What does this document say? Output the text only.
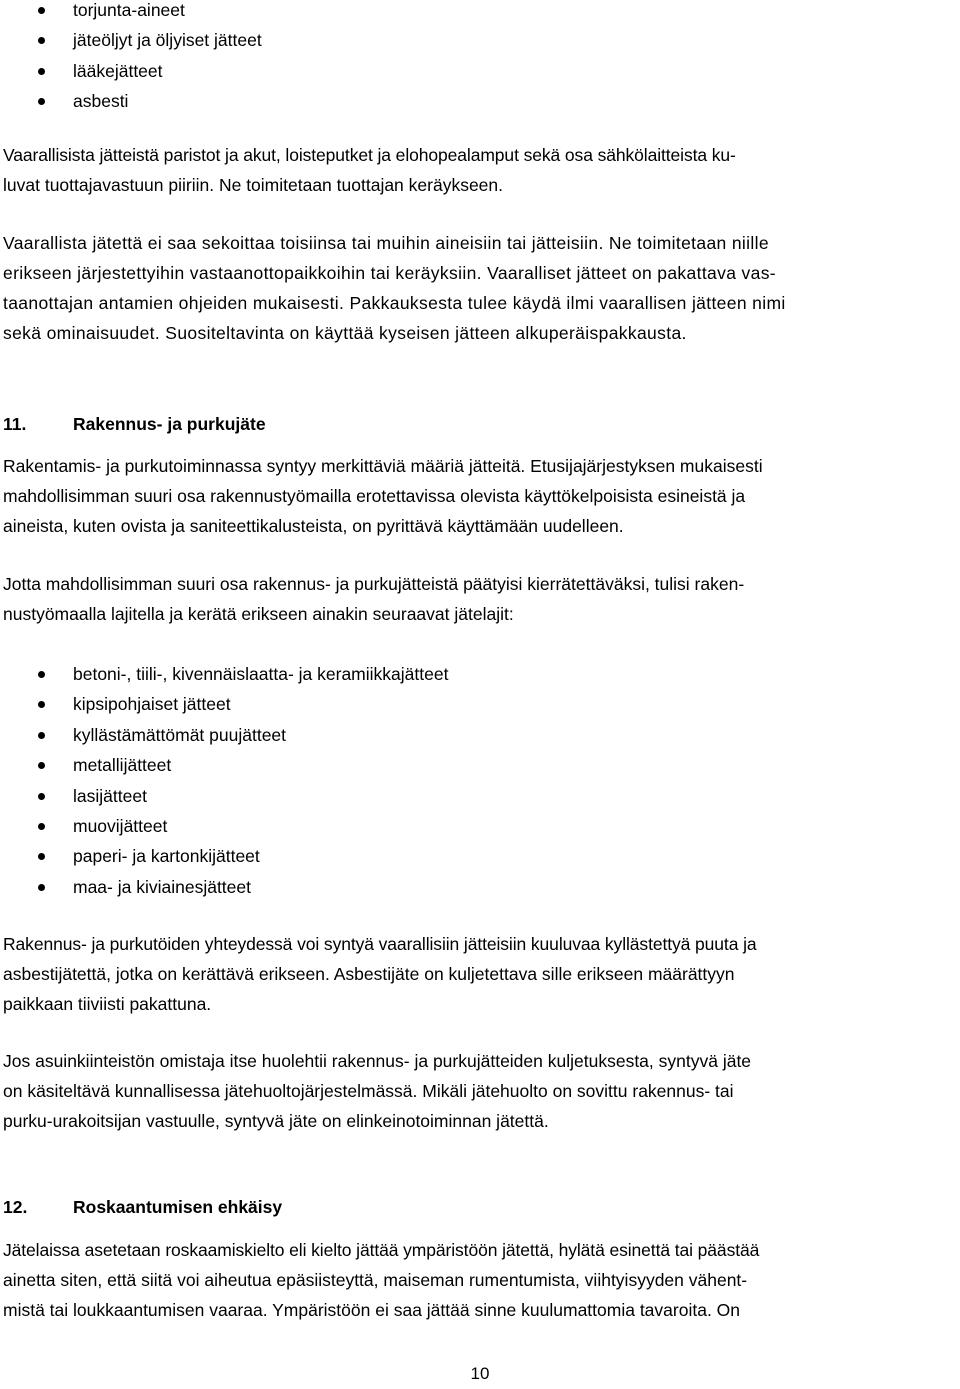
torjunta-aineet
jäteöljyt ja öljyiset jätteet
lääkejätteet
asbesti
Vaarallisista jätteistä paristot ja akut, loisteputket ja elohopealamput sekä osa sähkölaitteista ku-
luvat tuottajavastuun piiriin. Ne toimitetaan tuottajan keräykseen.
Vaarallista jätettä ei saa sekoittaa toisiinsa tai muihin aineisiin tai jätteisiin. Ne toimitetaan niille
erikseen järjestettyihin vastaanottopaikkoihin tai keräyksiin. Vaaralliset jätteet on pakattava vas-
taanottajan antamien ohjeiden mukaisesti. Pakkauksesta tulee käydä ilmi vaarallisen jätteen nimi
sekä ominaisuudet. Suositeltavinta on käyttää kyseisen jätteen alkuperäispakkausta.
11.	Rakennus- ja purkujäte
Rakentamis- ja purkutoiminnassa syntyy merkittäviä määriä jätteitä. Etusijajärjestyksen mukaisesti
mahdollisimman suuri osa rakennustyömailla erotettavissa olevista käyttökelpoisista esineistä ja
aineista, kuten ovista ja saniteettikalusteista, on pyrittävä käyttämään uudelleen.
Jotta mahdollisimman suuri osa rakennus- ja purkujätteistä päätyisi kierrätettäväksi, tulisi raken-
nustyömaalla lajitella ja kerätä erikseen ainakin seuraavat jätelajit:
betoni-, tiili-, kivennäislaatta- ja keramiikkajätteet
kipsipohjaiset jätteet
kyllästämättömät puujätteet
metallijätteet
lasijätteet
muovijätteet
paperi- ja kartonkijätteet
maa- ja kiviainesjätteet
Rakennus- ja purkutöiden yhteydessä voi syntyä vaarallisiin jätteisiin kuuluvaa kyllästettyä puuta ja
asbestijätettä, jotka on kerättävä erikseen. Asbestijäte on kuljetettava sille erikseen määrättyyn
paikkaan tiiviisti pakattuna.
Jos asuinkiinteistön omistaja itse huolehtii rakennus- ja purkujätteiden kuljetuksesta, syntyvä jäte
on käsiteltävä kunnallisessa jätehuoltojärjestelmässä. Mikäli jätehuolto on sovittu rakennus- tai
purku-urakoitsijan vastuulle, syntyvä jäte on elinkeinotoiminnan jätettä.
12.	Roskaantumisen ehkäisy
Jätelaissa asetetaan roskaamiskielto eli kielto jättää ympäristöön jätettä, hylätä esinettä tai päästää
ainetta siten, että siitä voi aiheutua epäsiisteyttä, maiseman rumentumista, viihtyisyyden vähent-
mistä tai loukkaantumisen vaaraa. Ympäristöön ei saa jättää sinne kuulumattomia tavaroita. On
10
